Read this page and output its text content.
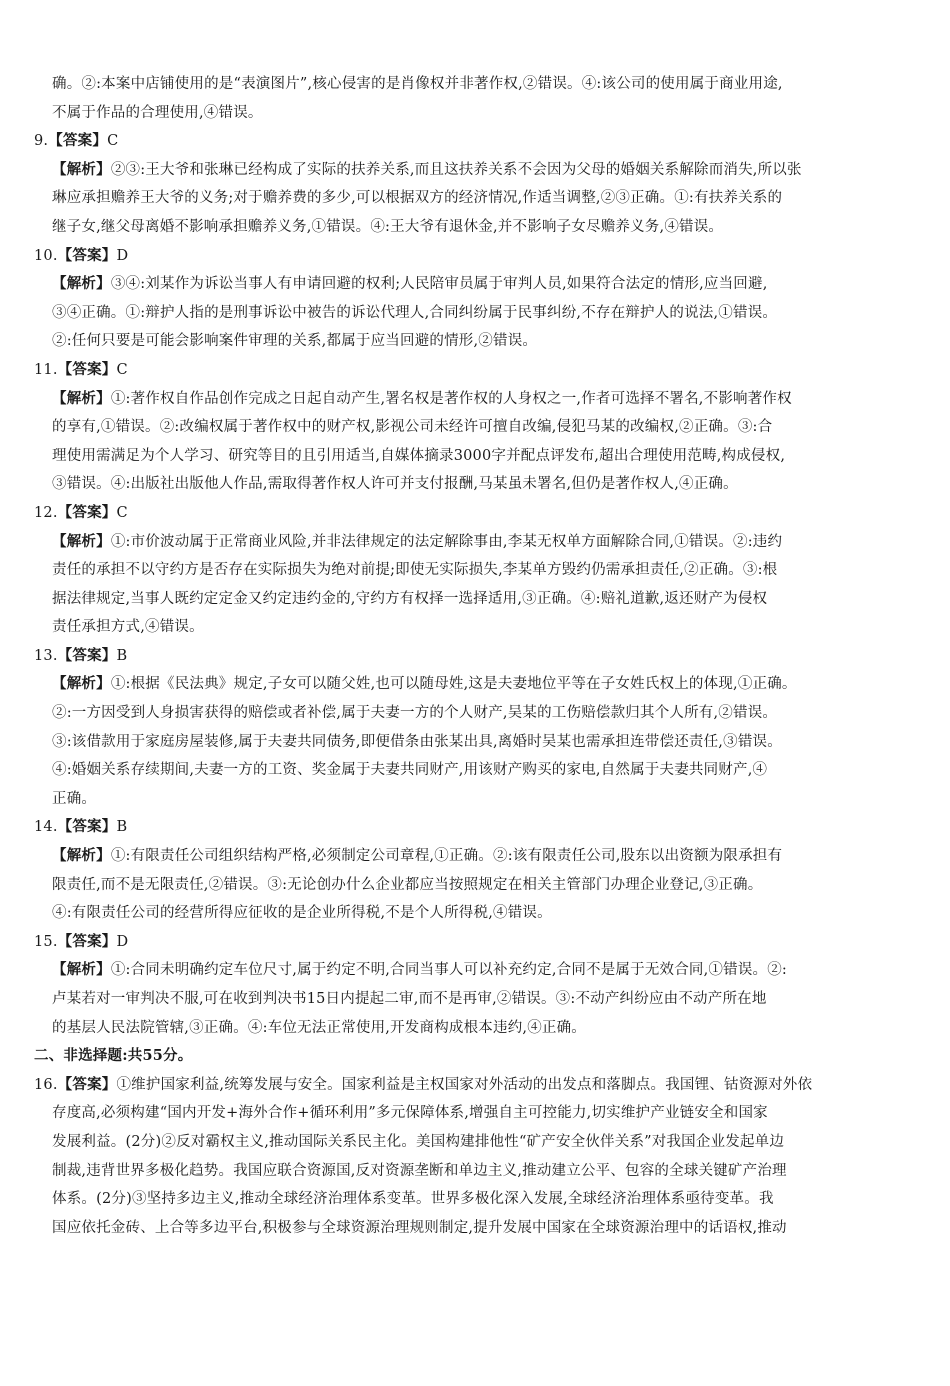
确。②:本案中店铺使用的是“表演图片”,核心侵害的是肖像权并非著作权,②错误。④:该公司的使用属于商业用途,

不属于作品的合理使用,④错误。

9.【答案】C

【解析】②③:王大爷和张琳已经构成了实际的扶养关系,而且这扶养关系不会因为父母的婚姻关系解除而消失,所以张

琳应承担赡养王大爷的义务;对于赡养费的多少,可以根据双方的经济情况,作适当调整,②③正确。①:有扶养关系的

继子女,继父母离婚不影响承担赡养义务,①错误。④:王大爷有退休金,并不影响子女尽赡养义务,④错误。

10.【答案】D

【解析】③④:刘某作为诉讼当事人有申请回避的权利;人民陪审员属于审判人员,如果符合法定的情形,应当回避,

③④正确。①:辩护人指的是刑事诉讼中被告的诉讼代理人,合同纠纷属于民事纠纷,不存在辩护人的说法,①错误。

②:任何只要是可能会影响案件审理的关系,都属于应当回避的情形,②错误。

11.【答案】C

【解析】①:著作权自作品创作完成之日起自动产生,署名权是著作权的人身权之一,作者可选择不署名,不影响著作权

的享有,①错误。②:改编权属于著作权中的财产权,影视公司未经许可擅自改编,侵犯马某的改编权,②正确。③:合

理使用需满足为个人学习、研究等目的且引用适当,自媒体摘录3000字并配点评发布,超出合理使用范畴,构成侵权,

③错误。④:出版社出版他人作品,需取得著作权人许可并支付报酬,马某虽未署名,但仍是著作权人,④正确。

12.【答案】C

【解析】①:市价波动属于正常商业风险,并非法律规定的法定解除事由,李某无权单方面解除合同,①错误。②:违约

责任的承担不以守约方是否存在实际损失为绝对前提;即使无实际损失,李某单方毁约仍需承担责任,②正确。③:根

据法律规定,当事人既约定定金又约定违约金的,守约方有权择一选择适用,③正确。④:赔礼道歉,返还财产为侵权

责任承担方式,④错误。

13.【答案】B

【解析】①:根据《民法典》规定,子女可以随父姓,也可以随母姓,这是夫妻地位平等在子女姓氏权上的体现,①正确。

②:一方因受到人身损害获得的赔偿或者补偿,属于夫妻一方的个人财产,吴某的工伤赔偿款归其个人所有,②错误。

③:该借款用于家庭房屋装修,属于夫妻共同债务,即便借条由张某出具,离婚时吴某也需承担连带偿还责任,③错误。

④:婚姻关系存续期间,夫妻一方的工资、奖金属于夫妻共同财产,用该财产购买的家电,自然属于夫妻共同财产,④

正确。

14.【答案】B

【解析】①:有限责任公司组织结构严格,必须制定公司章程,①正确。②:该有限责任公司,股东以出资额为限承担有

限责任,而不是无限责任,②错误。③:无论创办什么企业都应当按照规定在相关主管部门办理企业登记,③正确。

④:有限责任公司的经营所得应征收的是企业所得税,不是个人所得税,④错误。

15.【答案】D

【解析】①:合同未明确约定车位尺寸,属于约定不明,合同当事人可以补充约定,合同不是属于无效合同,①错误。②:

卢某若对一审判决不服,可在收到判决书15日内提起二审,而不是再审,②错误。③:不动产纠纷应由不动产所在地

的基层人民法院管辖,③正确。④:车位无法正常使用,开发商构成根本违约,④正确。

二、非选择题:共55分。

16.【答案】①维护国家利益,统筹发展与安全。国家利益是主权国家对外活动的出发点和落脚点。我国锂、钴资源对外依

存度高,必须构建“国内开发+海外合作+循环利用”多元保障体系,增强自主可控能力,切实维护产业链安全和国家

发展利益。(2分)②反对霸权主义,推动国际关系民主化。美国构建排他性“矿产安全伙伴关系”对我国企业发起单边

制裁,违背世界多极化趋势。我国应联合资源国,反对资源垄断和单边主义,推动建立公平、包容的全球关键矿产治理

体系。(2分)③坚持多边主义,推动全球经济治理体系变革。世界多极化深入发展,全球经济治理体系亟待变革。我

国应依托金砖、上合等多边平台,积极参与全球资源治理规则制定,提升发展中国家在全球资源治理中的话语权,推动
